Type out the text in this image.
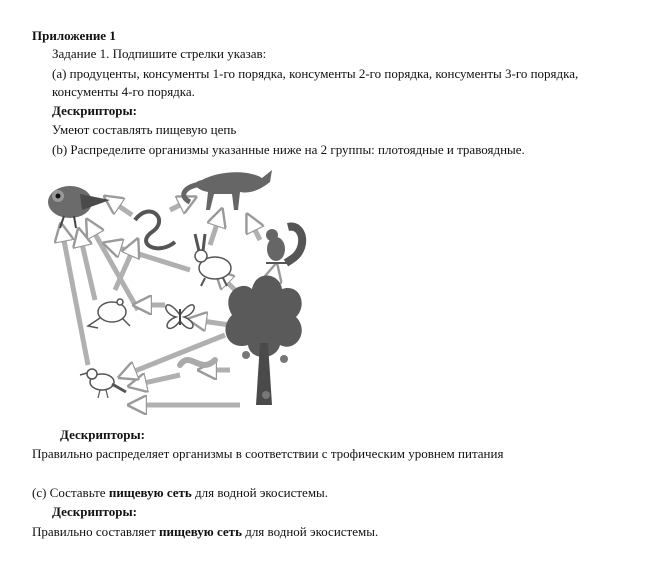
Приложение 1
Задание 1. Подпишите стрелки указав:
(а) продуценты, консументы 1-го порядка, консументы 2-го порядка, консументы 3-го порядка,
консументы 4-го порядка.
Дескрипторы:
Умеют составлять пищевую цепь
(b) Распределите организмы указанные ниже на 2 группы: плотоядные и травоядные.
Дескрипторы:
Правильно распределяет организмы в соответствии с трофическим уровнем питания
(c) Составьте пищевую сеть для водной экосистемы.
Дескрипторы:
Правильно составляет пищевую сеть для водной экосистемы.
